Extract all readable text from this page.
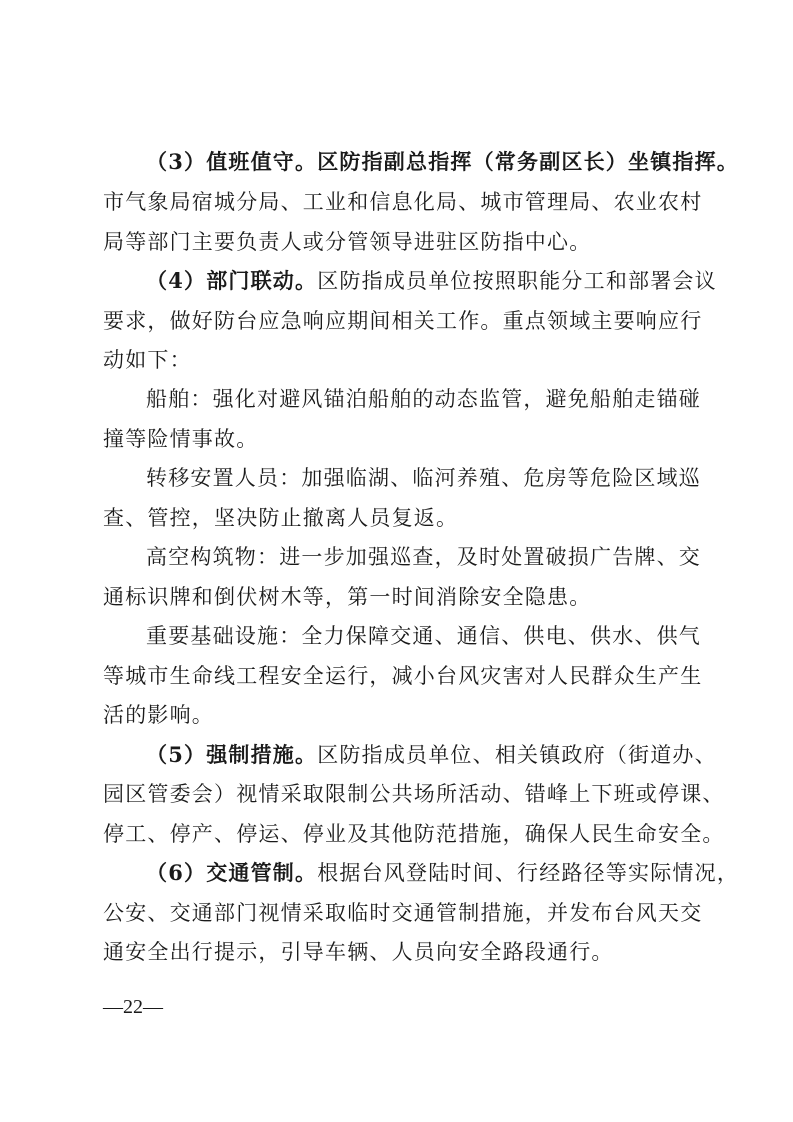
（3）值班值守。区防指副总指挥（常务副区长）坐镇指挥。
市气象局宿城分局、工业和信息化局、城市管理局、农业农村
局等部门主要负责人或分管领导进驻区防指中心。
（4）部门联动。区防指成员单位按照职能分工和部署会议
要求，做好防台应急响应期间相关工作。重点领域主要响应行
动如下：
船舶：强化对避风锚泊船舶的动态监管，避免船舶走锚碰
撞等险情事故。
转移安置人员：加强临湖、临河养殖、危房等危险区域巡
查、管控，坚决防止撤离人员复返。
高空构筑物：进一步加强巡查，及时处置破损广告牌、交
通标识牌和倒伏树木等，第一时间消除安全隐患。
重要基础设施：全力保障交通、通信、供电、供水、供气
等城市生命线工程安全运行，减小台风灾害对人民群众生产生
活的影响。
（5）强制措施。区防指成员单位、相关镇政府（街道办、
园区管委会）视情采取限制公共场所活动、错峰上下班或停课、
停工、停产、停运、停业及其他防范措施，确保人民生命安全。
（6）交通管制。根据台风登陆时间、行经路径等实际情况，
公安、交通部门视情采取临时交通管制措施，并发布台风天交
通安全出行提示，引导车辆、人员向安全路段通行。
—22—
